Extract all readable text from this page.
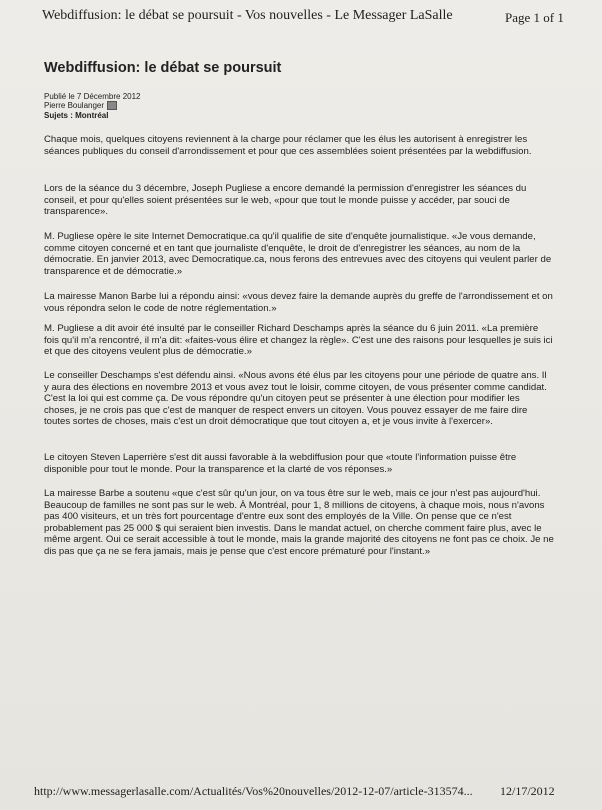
Webdiffusion: le débat se poursuit - Vos nouvelles - Le Messager LaSalle	Page 1 of 1
Webdiffusion: le débat se poursuit
Publié le 7 Décembre 2012
Pierre Boulanger
Sujets : Montréal

Chaque mois, quelques citoyens reviennent à la charge pour réclamer que les élus les autorisent à enregistrer les séances publiques du conseil d'arrondissement et pour que ces assemblées soient présentées par la webdiffusion.

Lors de la séance du 3 décembre, Joseph Pugliese a encore demandé la permission d'enregistrer les séances du conseil, et pour qu'elles soient présentées sur le web, «pour que tout le monde puisse y accéder, par souci de transparence».

M. Pugliese opère le site Internet Democratique.ca qu'il qualifie de site d'enquête journalistique. «Je vous demande, comme citoyen concerné et en tant que journaliste d'enquête, le droit de d'enregistrer les séances, au nom de la démocratie. En janvier 2013, avec Democratique.ca, nous ferons des entrevues avec des citoyens qui veulent parler de transparence et de démocratie.»

La mairesse Manon Barbe lui a répondu ainsi: «vous devez faire la demande auprès du greffe de l'arrondissement et on vous répondra selon le code de notre réglementation.»

M. Pugliese a dit avoir été insulté par le conseiller Richard Deschamps après la séance du 6 juin 2011. «La première fois qu'il m'a rencontré, il m'a dit: «faites-vous élire et changez la règle». C'est une des raisons pour lesquelles je suis ici et que des citoyens veulent plus de démocratie.»

Le conseiller Deschamps s'est défendu ainsi. «Nous avons été élus par les citoyens pour une période de quatre ans. Il y aura des élections en novembre 2013 et vous avez tout le loisir, comme citoyen, de vous présenter comme candidat. C'est la loi qui est comme ça. De vous répondre qu'un citoyen peut se présenter à une élection pour modifier les choses, je ne crois pas que c'est de manquer de respect envers un citoyen. Vous pouvez essayer de me faire dire toutes sortes de choses, mais c'est un droit démocratique que tout citoyen a, et je vous invite à l'exercer».

Le citoyen Steven Laperrière s'est dit aussi favorable à la webdiffusion pour que «toute l'information puisse être disponible pour tout le monde. Pour la transparence et la clarté de vos réponses.»

La mairesse Barbe a soutenu «que c'est sûr qu'un jour, on va tous être sur le web, mais ce jour n'est pas aujourd'hui. Beaucoup de familles ne sont pas sur le web. À Montréal, pour 1, 8 millions de citoyens, à chaque mois, nous n'avons pas 400 visiteurs, et un très fort pourcentage d'entre eux sont des employés de la Ville. On pense que ce n'est probablement pas 25 000 $ qui seraient bien investis. Dans le mandat actuel, on cherche comment faire plus, avec le même argent. Oui ce serait accessible à tout le monde, mais la grande majorité des citoyens ne font pas ce choix. Je ne dis pas que ça ne se fera jamais, mais je pense que c'est encore prématuré pour l'instant.»

http://www.messagerlasalle.com/Actualités/Vos%20nouvelles/2012-12-07/article-313574... 12/17/2012
